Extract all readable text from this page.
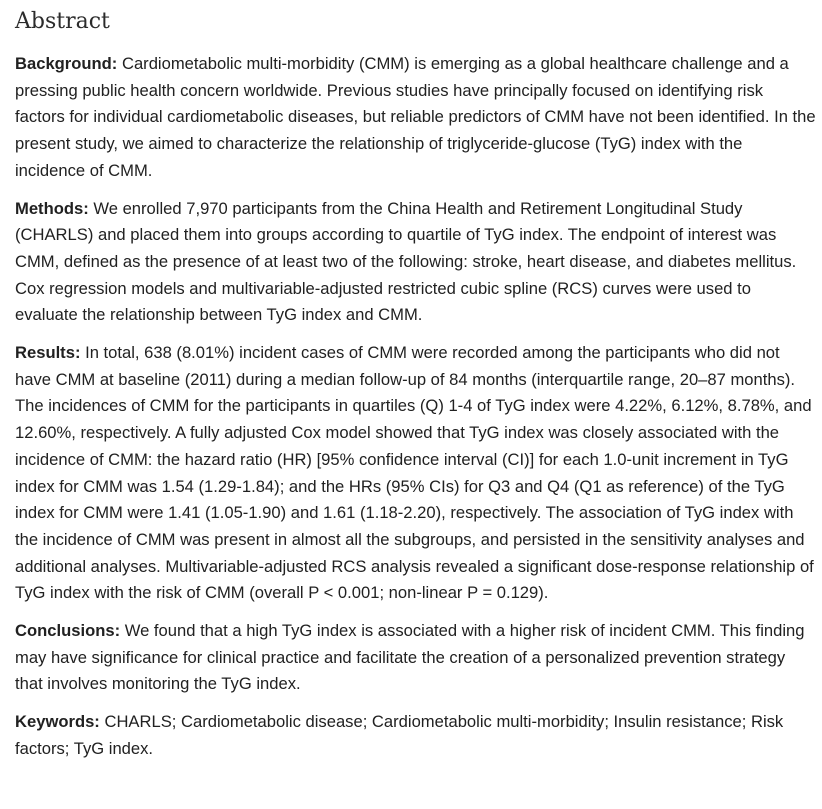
Abstract

Background: Cardiometabolic multi-morbidity (CMM) is emerging as a global healthcare challenge and a pressing public health concern worldwide. Previous studies have principally focused on identifying risk factors for individual cardiometabolic diseases, but reliable predictors of CMM have not been identified. In the present study, we aimed to characterize the relationship of triglyceride-glucose (TyG) index with the incidence of CMM.

Methods: We enrolled 7,970 participants from the China Health and Retirement Longitudinal Study (CHARLS) and placed them into groups according to quartile of TyG index. The endpoint of interest was CMM, defined as the presence of at least two of the following: stroke, heart disease, and diabetes mellitus. Cox regression models and multivariable-adjusted restricted cubic spline (RCS) curves were used to evaluate the relationship between TyG index and CMM.

Results: In total, 638 (8.01%) incident cases of CMM were recorded among the participants who did not have CMM at baseline (2011) during a median follow-up of 84 months (interquartile range, 20–87 months). The incidences of CMM for the participants in quartiles (Q) 1-4 of TyG index were 4.22%, 6.12%, 8.78%, and 12.60%, respectively. A fully adjusted Cox model showed that TyG index was closely associated with the incidence of CMM: the hazard ratio (HR) [95% confidence interval (CI)] for each 1.0-unit increment in TyG index for CMM was 1.54 (1.29-1.84); and the HRs (95% CIs) for Q3 and Q4 (Q1 as reference) of the TyG index for CMM were 1.41 (1.05-1.90) and 1.61 (1.18-2.20), respectively. The association of TyG index with the incidence of CMM was present in almost all the subgroups, and persisted in the sensitivity analyses and additional analyses. Multivariable-adjusted RCS analysis revealed a significant dose-response relationship of TyG index with the risk of CMM (overall P < 0.001; non-linear P = 0.129).

Conclusions: We found that a high TyG index is associated with a higher risk of incident CMM. This finding may have significance for clinical practice and facilitate the creation of a personalized prevention strategy that involves monitoring the TyG index.

Keywords: CHARLS; Cardiometabolic disease; Cardiometabolic multi-morbidity; Insulin resistance; Risk factors; TyG index.
